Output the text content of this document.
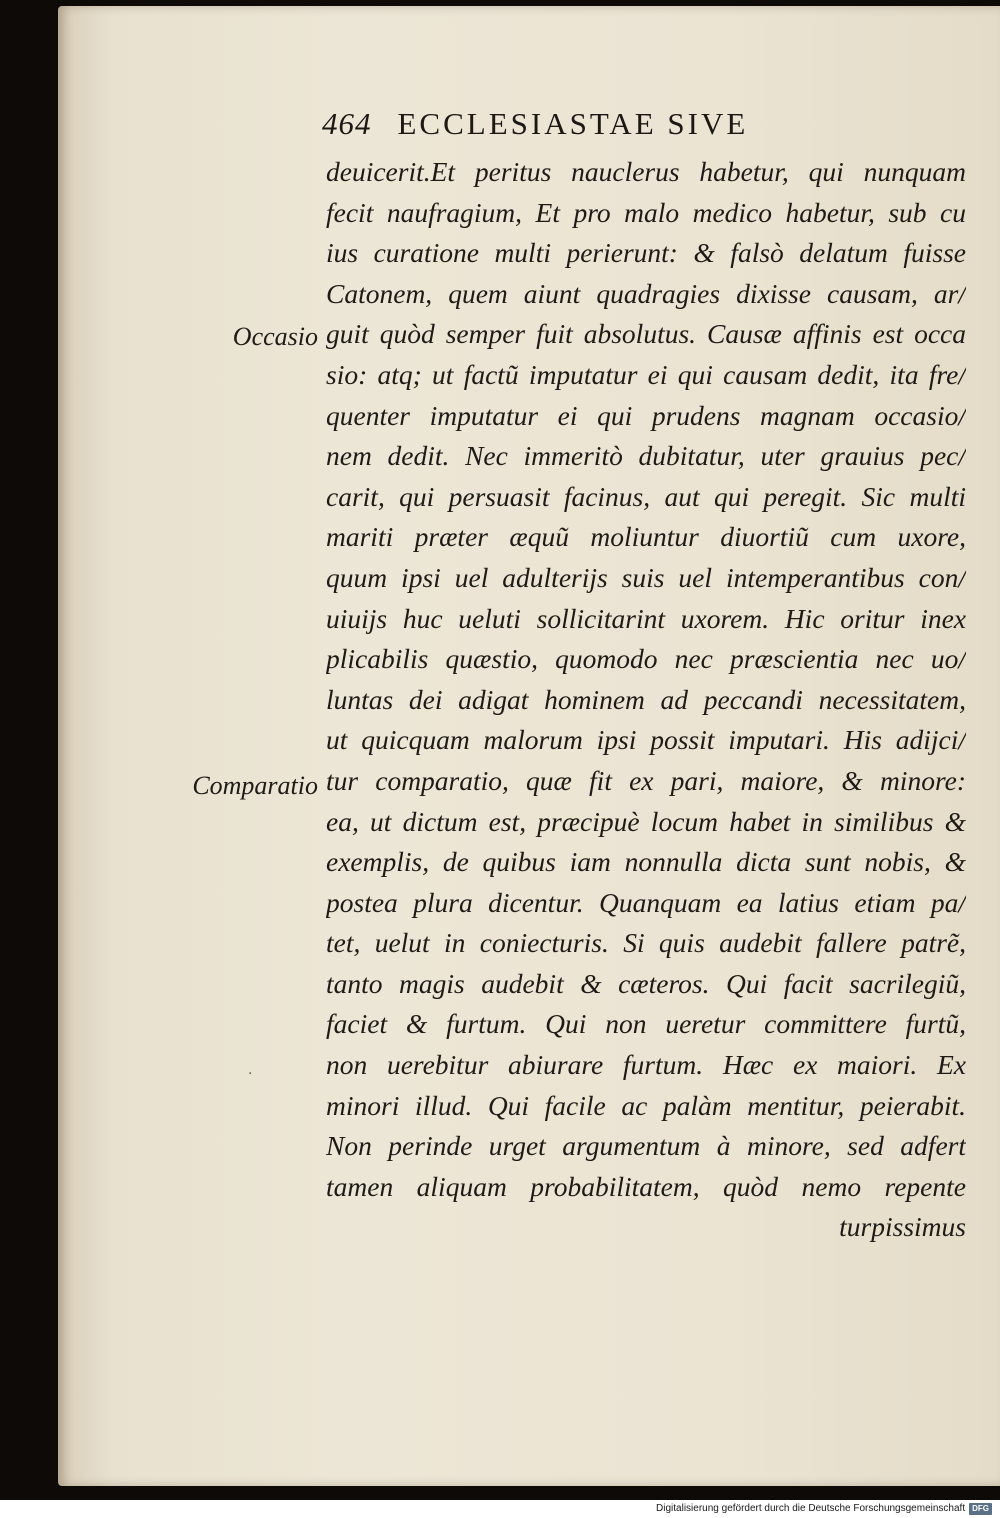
464 ECCLESIASTAE SIVE
Occasio
Comparatio
·
deuicerit.Et peritus nauclerus habetur, qui nunquam
fecit naufragium, Et pro malo medico habetur, sub cu
ius curatione multi perierunt: & falsò delatum fuisse
Catonem, quem aiunt quadragies dixisse causam, ar/
guit quòd semper fuit absolutus. Causæ affinis est occa
sio: atq; ut factũ imputatur ei qui causam dedit, ita fre/
quenter imputatur ei qui prudens magnam occasio/
nem dedit. Nec immeritò dubitatur, uter grauius pec/
carit, qui persuasit facinus, aut qui peregit. Sic multi
mariti præter æquũ moliuntur diuortiũ cum uxore,
quum ipsi uel adulterijs suis uel intemperantibus con/
uiuijs huc ueluti sollicitarint uxorem. Hic oritur inex
plicabilis quæstio, quomodo nec præscientia nec uo/
luntas dei adigat hominem ad peccandi necessitatem,
ut quicquam malorum ipsi possit imputari. His adijci/
tur comparatio, quæ fit ex pari, maiore, & minore:
ea, ut dictum est, præcipuè locum habet in similibus &
exemplis, de quibus iam nonnulla dicta sunt nobis, &
postea plura dicentur. Quanquam ea latius etiam pa/
tet, uelut in coniecturis. Si quis audebit fallere patrẽ,
tanto magis audebit & cæteros. Qui facit sacrilegiũ,
faciet & furtum. Qui non ueretur committere furtũ,
non uerebitur abiurare furtum. Hæc ex maiori. Ex
minori illud. Qui facile ac palàm mentitur, peierabit.
Non perinde urget argumentum à minore, sed adfert
tamen aliquam probabilitatem, quòd nemo repente
turpissimus
Digitalisierung gefördert durch die Deutsche Forschungsgemeinschaft DFG
